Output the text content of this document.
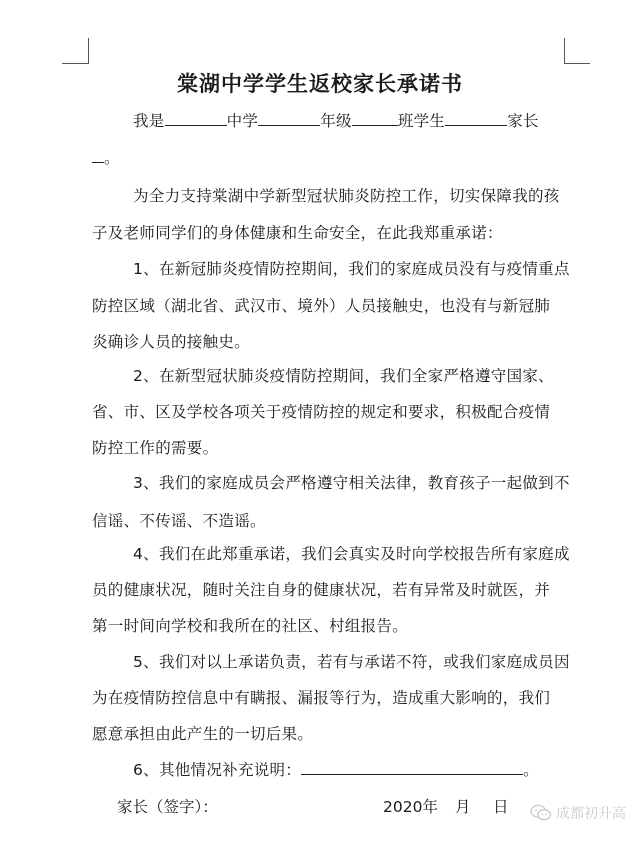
棠湖中学学生返校家长承诺书
我是	中学	年级	班学生	家长
。
为全力支持棠湖中学新型冠状肺炎防控工作，切实保障我的孩
子及老师同学们的身体健康和生命安全，在此我郑重承诺：
1、在新冠肺炎疫情防控期间，我们的家庭成员没有与疫情重点
防控区域（湖北省、武汉市、境外）人员接触史，也没有与新冠肺
炎确诊人员的接触史。
2、在新型冠状肺炎疫情防控期间，我们全家严格遵守国家、
省、市、区及学校各项关于疫情防控的规定和要求，积极配合疫情
防控工作的需要。
3、我们的家庭成员会严格遵守相关法律，教育孩子一起做到不
信谣、不传谣、不造谣。
4、我们在此郑重承诺，我们会真实及时向学校报告所有家庭成
员的健康状况，随时关注自身的健康状况，若有异常及时就医，并
第一时间向学校和我所在的社区、村组报告。
5、我们对以上承诺负责，若有与承诺不符，或我们家庭成员因
为在疫情防控信息中有瞒报、漏报等行为，造成重大影响的，我们
愿意承担由此产生的一切后果。
6、其他情况补充说明：	。
家长（签字）：	2020年 月 日	成都初升高
